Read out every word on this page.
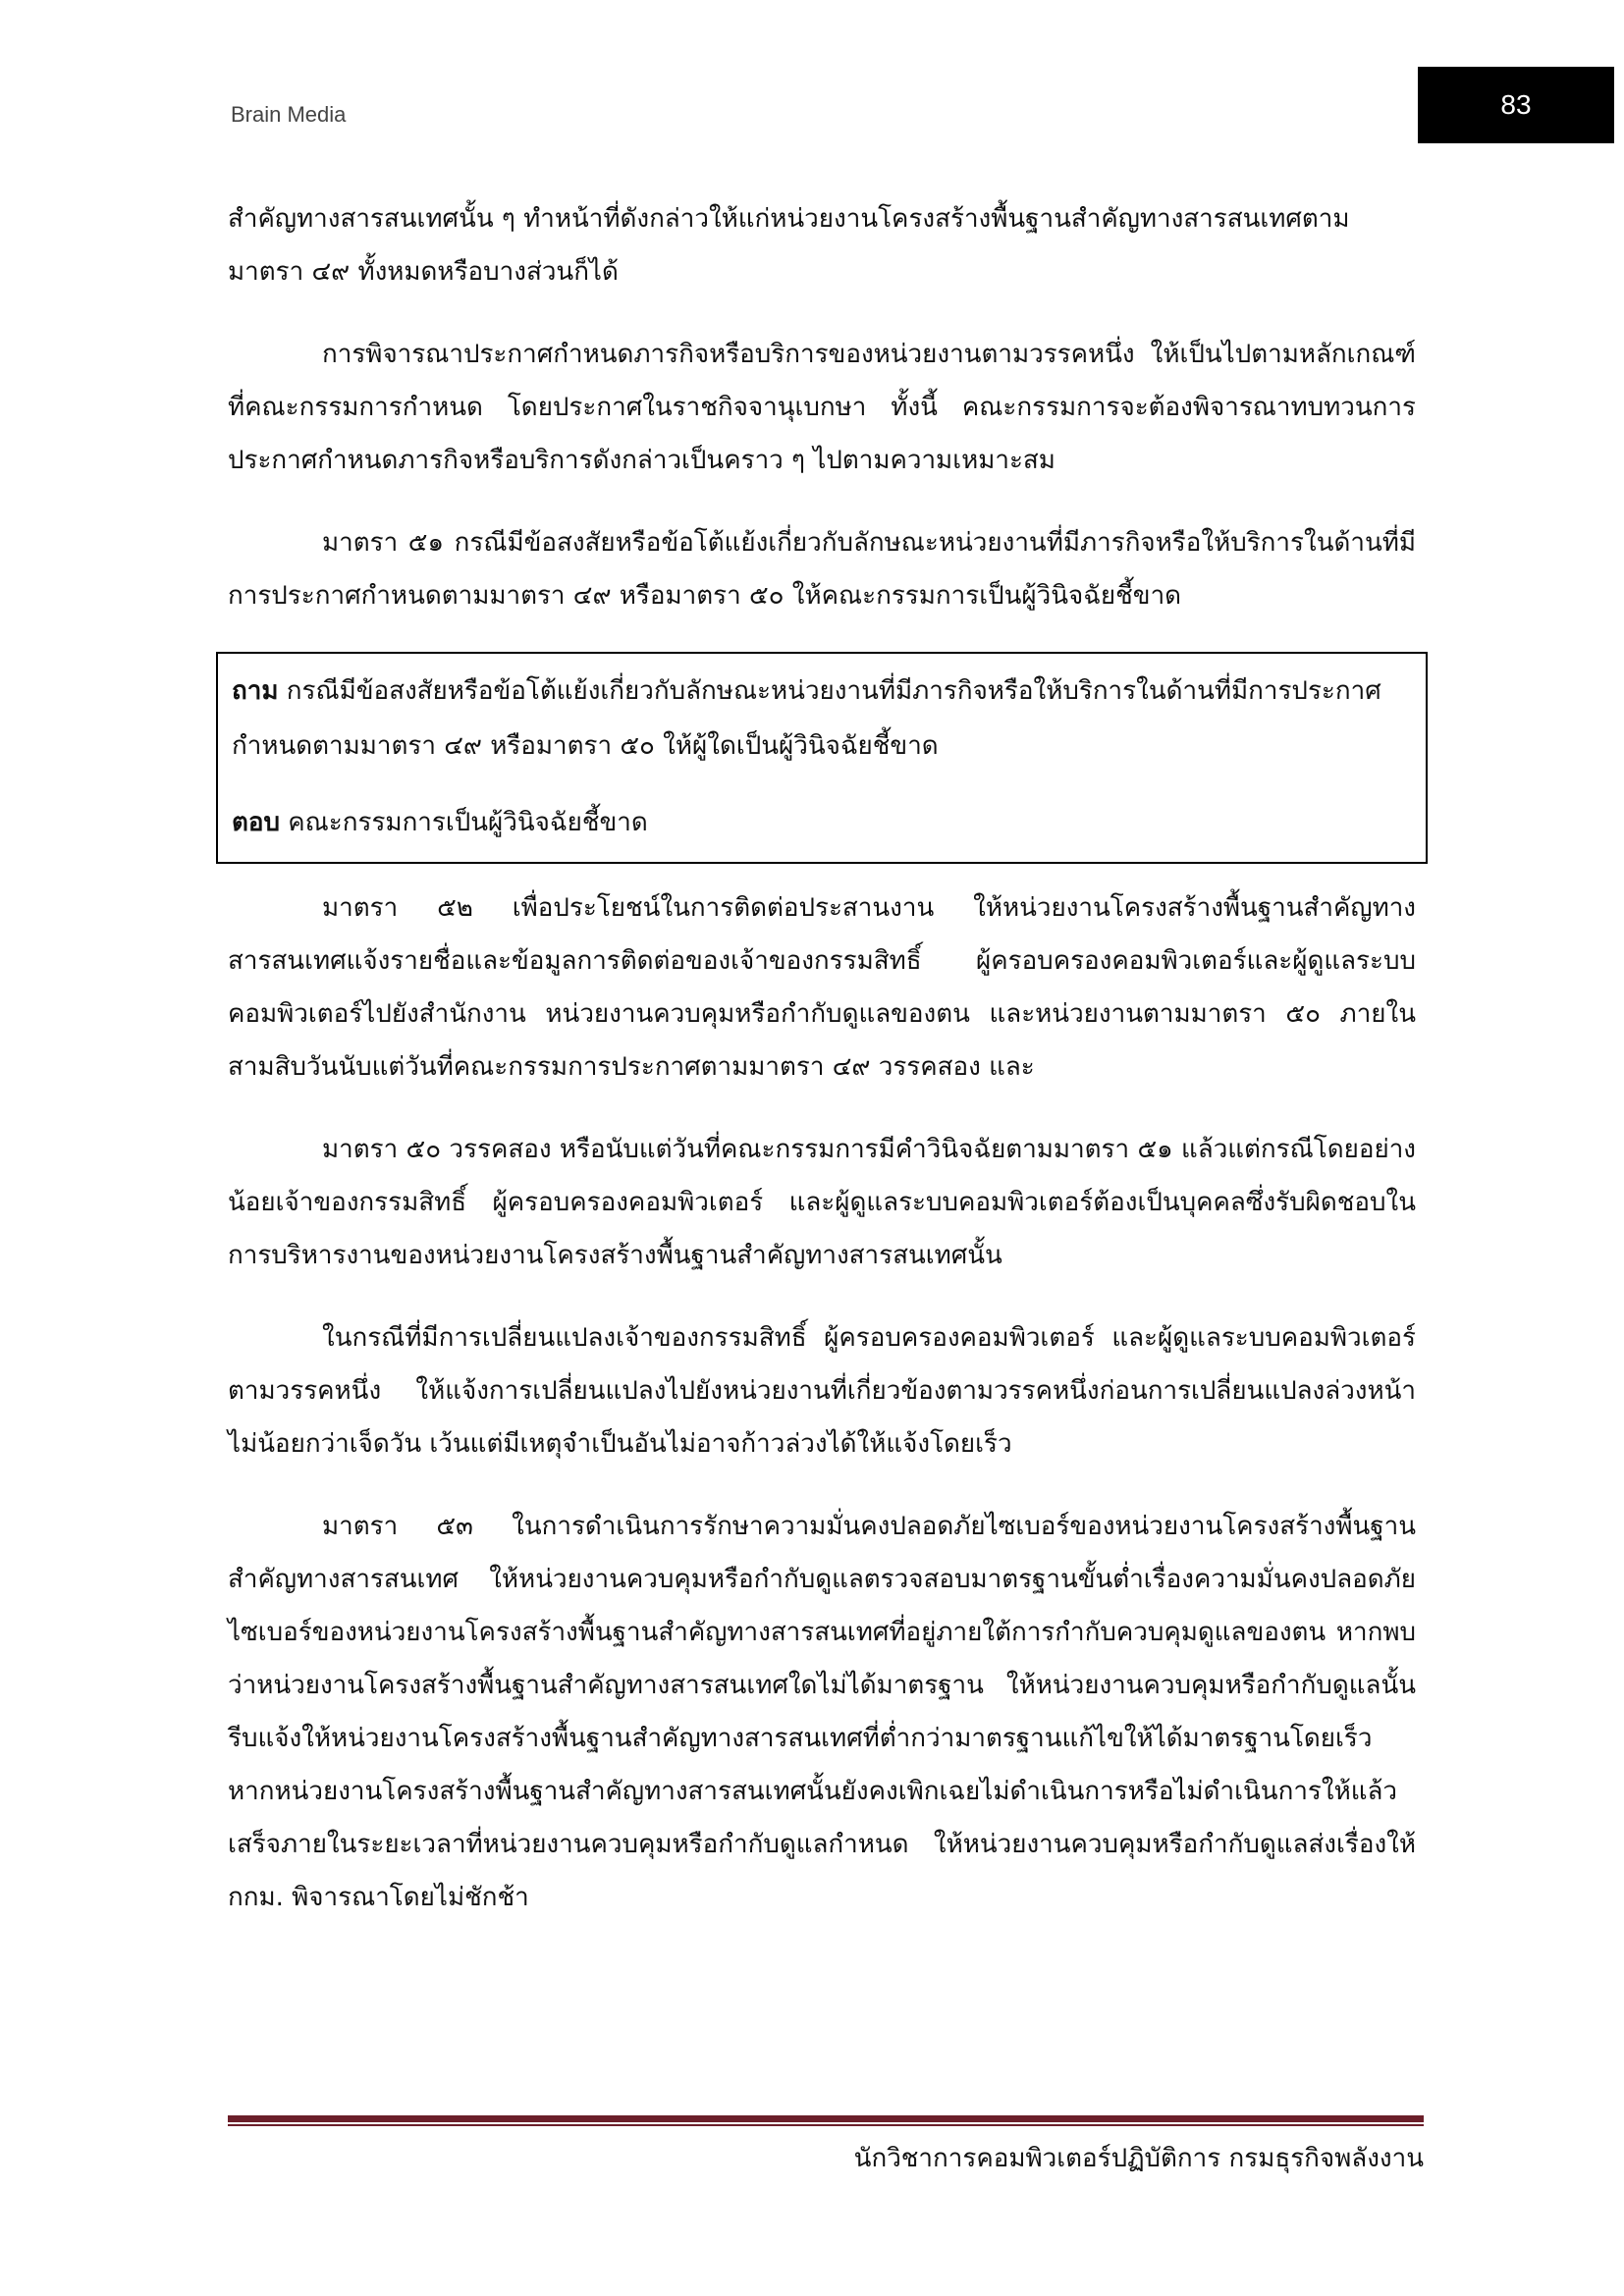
Brain Media	83

สำคัญทางสารสนเทศนั้น ๆ ทำหน้าที่ดังกล่าวให้แก่หน่วยงานโครงสร้างพื้นฐานสำคัญทางสารสนเทศตาม
มาตรา ๔๙ ทั้งหมดหรือบางส่วนก็ได้

การพิจารณาประกาศกำหนดภารกิจหรือบริการของหน่วยงานตามวรรคหนึ่ง ให้เป็นไปตามหลักเกณฑ์ที่คณะกรรมการกำหนด โดยประกาศในราชกิจจานุเบกษา ทั้งนี้ คณะกรรมการจะต้องพิจารณาทบทวนการประกาศกำหนดภารกิจหรือบริการดังกล่าวเป็นคราว ๆ ไปตามความเหมาะสม

มาตรา ๕๑ กรณีมีข้อสงสัยหรือข้อโต้แย้งเกี่ยวกับลักษณะหน่วยงานที่มีภารกิจหรือให้บริการในด้านที่มีการประกาศกำหนดตามมาตรา ๔๙ หรือมาตรา ๕๐ ให้คณะกรรมการเป็นผู้วินิจฉัยชี้ขาด

ถาม กรณีมีข้อสงสัยหรือข้อโต้แย้งเกี่ยวกับลักษณะหน่วยงานที่มีภารกิจหรือให้บริการในด้านที่มีการประกาศกำหนดตามมาตรา ๔๙ หรือมาตรา ๕๐ ให้ผู้ใดเป็นผู้วินิจฉัยชี้ขาด

ตอบ คณะกรรมการเป็นผู้วินิจฉัยชี้ขาด

มาตรา ๕๒ เพื่อประโยชน์ในการติดต่อประสานงาน ให้หน่วยงานโครงสร้างพื้นฐานสำคัญทางสารสนเทศแจ้งรายชื่อและข้อมูลการติดต่อของเจ้าของกรรมสิทธิ์ ผู้ครอบครองคอมพิวเตอร์และผู้ดูแลระบบคอมพิวเตอร์ไปยังสำนักงาน หน่วยงานควบคุมหรือกำกับดูแลของตน และหน่วยงานตามมาตรา ๕๐ ภายในสามสิบวันนับแต่วันที่คณะกรรมการประกาศตามมาตรา ๔๙ วรรคสอง และ

มาตรา ๕๐ วรรคสอง หรือนับแต่วันที่คณะกรรมการมีคำวินิจฉัยตามมาตรา ๕๑ แล้วแต่กรณีโดยอย่างน้อยเจ้าของกรรมสิทธิ์ ผู้ครอบครองคอมพิวเตอร์ และผู้ดูแลระบบคอมพิวเตอร์ต้องเป็นบุคคลซึ่งรับผิดชอบในการบริหารงานของหน่วยงานโครงสร้างพื้นฐานสำคัญทางสารสนเทศนั้น

ในกรณีที่มีการเปลี่ยนแปลงเจ้าของกรรมสิทธิ์ ผู้ครอบครองคอมพิวเตอร์ และผู้ดูแลระบบคอมพิวเตอร์ตามวรรคหนึ่ง ให้แจ้งการเปลี่ยนแปลงไปยังหน่วยงานที่เกี่ยวข้องตามวรรคหนึ่งก่อนการเปลี่ยนแปลงล่วงหน้าไม่น้อยกว่าเจ็ดวัน เว้นแต่มีเหตุจำเป็นอันไม่อาจก้าวล่วงได้ให้แจ้งโดยเร็ว

มาตรา ๕๓ ในการดำเนินการรักษาความมั่นคงปลอดภัยไซเบอร์ของหน่วยงานโครงสร้างพื้นฐานสำคัญทางสารสนเทศ ให้หน่วยงานควบคุมหรือกำกับดูแลตรวจสอบมาตรฐานขั้นต่ำเรื่องความมั่นคงปลอดภัยไซเบอร์ของหน่วยงานโครงสร้างพื้นฐานสำคัญทางสารสนเทศที่อยู่ภายใต้การกำกับควบคุมดูแลของตน หากพบว่าหน่วยงานโครงสร้างพื้นฐานสำคัญทางสารสนเทศใดไม่ได้มาตรฐาน ให้หน่วยงานควบคุมหรือกำกับดูแลนั้นรีบแจ้งให้หน่วยงานโครงสร้างพื้นฐานสำคัญทางสารสนเทศที่ต่ำกว่ามาตรฐานแก้ไขให้ได้มาตรฐานโดยเร็ว หากหน่วยงานโครงสร้างพื้นฐานสำคัญทางสารสนเทศนั้นยังคงเพิกเฉยไม่ดำเนินการหรือไม่ดำเนินการให้แล้วเสร็จภายในระยะเวลาที่หน่วยงานควบคุมหรือกำกับดูแลกำหนด ให้หน่วยงานควบคุมหรือกำกับดูแลส่งเรื่องให้ กกม. พิจารณาโดยไม่ชักช้า

นักวิชาการคอมพิวเตอร์ปฏิบัติการ กรมธุรกิจพลังงาน
